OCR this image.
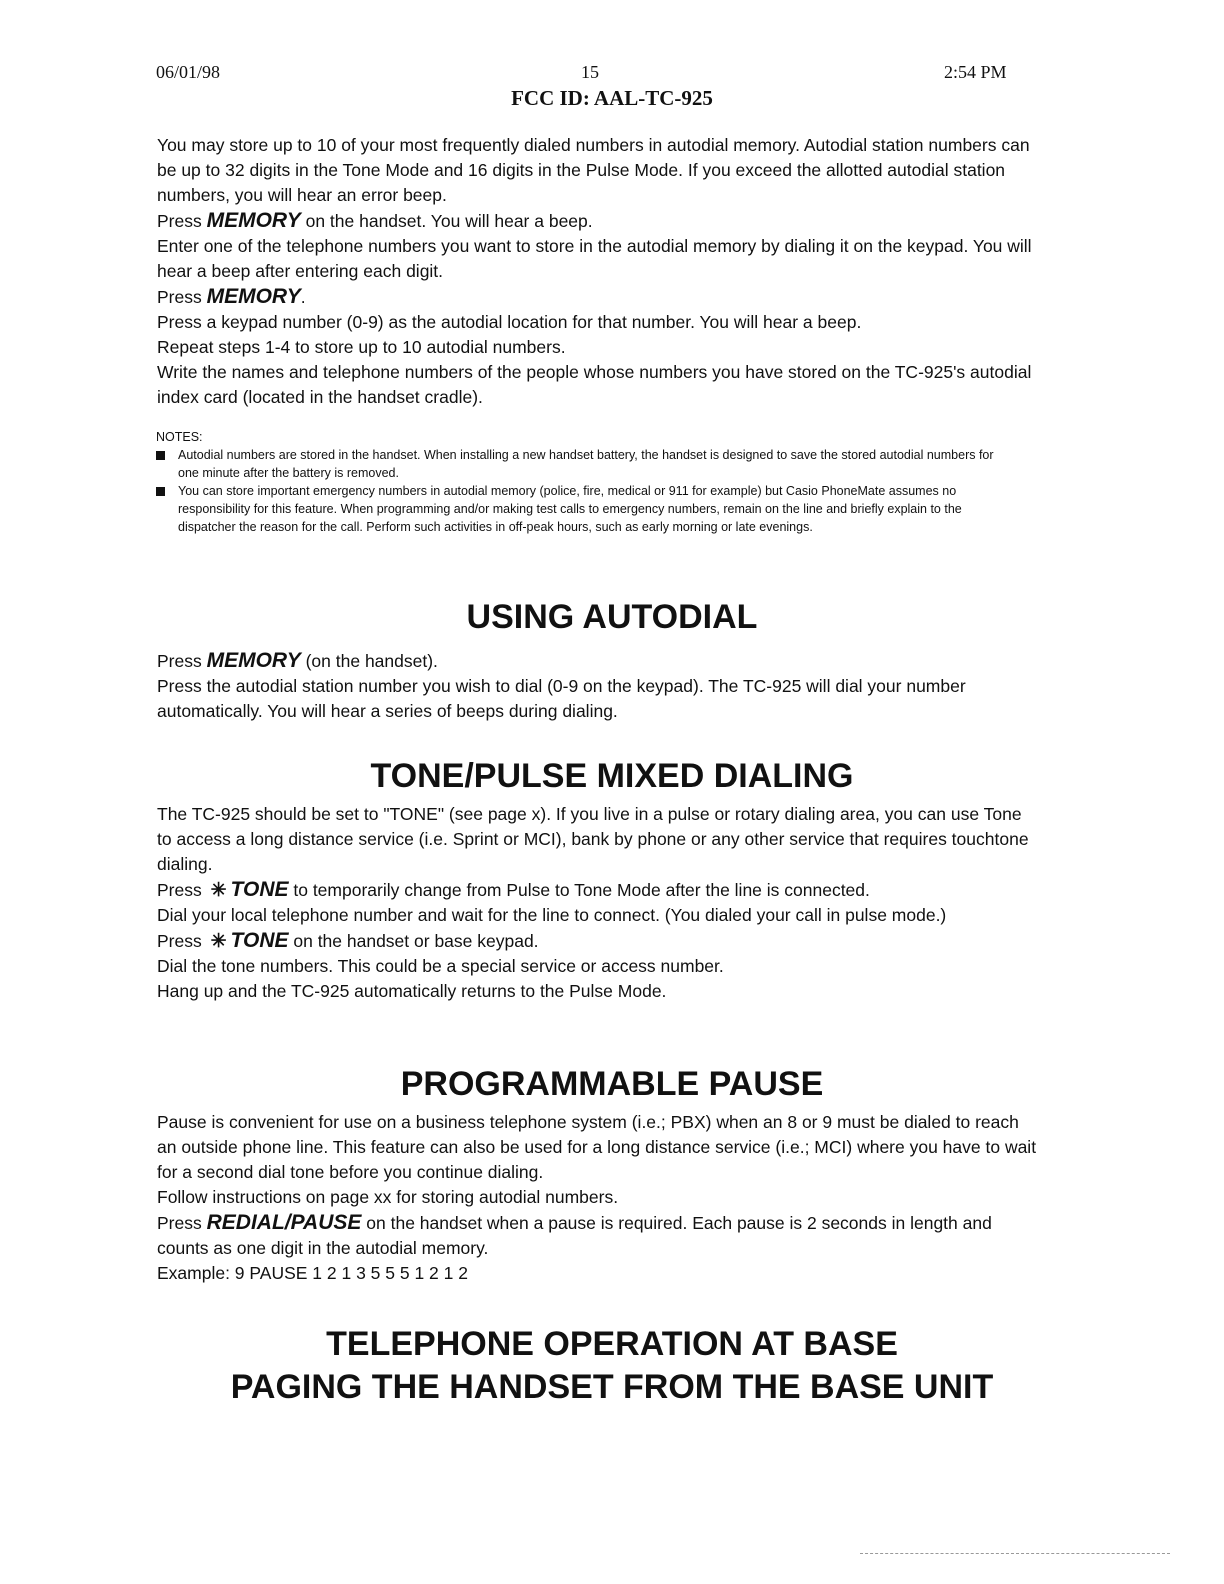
06/01/98	15	2:54 PM
FCC ID: AAL-TC-925

You may store up to 10 of your most frequently dialed numbers in autodial memory. Autodial station numbers can be up to 32 digits in the Tone Mode and 16 digits in the Pulse Mode. If you exceed the allotted autodial station numbers, you will hear an error beep.

Press MEMORY on the handset. You will hear a beep.

Enter one of the telephone numbers you want to store in the autodial memory by dialing it on the keypad. You will hear a beep after entering each digit.

Press MEMORY.

Press a keypad number (0-9) as the autodial location for that number. You will hear a beep.

Repeat steps 1-4 to store up to 10 autodial numbers.

Write the names and telephone numbers of the people whose numbers you have stored on the TC-925's autodial index card (located in the handset cradle).

NOTES:

Autodial numbers are stored in the handset. When installing a new handset battery, the handset is designed to save the stored autodial numbers for one minute after the battery is removed.

You can store important emergency numbers in autodial memory (police, fire, medical or 911 for example) but Casio PhoneMate assumes no responsibility for this feature. When programming and/or making test calls to emergency numbers, remain on the line and briefly explain to the dispatcher the reason for the call. Perform such activities in off-peak hours, such as early morning or late evenings.

USING AUTODIAL

Press MEMORY (on the handset).

Press the autodial station number you wish to dial (0-9 on the keypad). The TC-925 will dial your number automatically. You will hear a series of beeps during dialing.

TONE/PULSE MIXED DIALING

The TC-925 should be set to "TONE" (see page x). If you live in a pulse or rotary dialing area, you can use Tone to access a long distance service (i.e. Sprint or MCI), bank by phone or any other service that requires touchtone dialing.

Press ✳ TONE to temporarily change from Pulse to Tone Mode after the line is connected.

Dial your local telephone number and wait for the line to connect. (You dialed your call in pulse mode.)

Press ✳ TONE on the handset or base keypad.

Dial the tone numbers. This could be a special service or access number.

Hang up and the TC-925 automatically returns to the Pulse Mode.

PROGRAMMABLE PAUSE

Pause is convenient for use on a business telephone system (i.e.; PBX) when an 8 or 9 must be dialed to reach an outside phone line. This feature can also be used for a long distance service (i.e.; MCI) where you have to wait for a second dial tone before you continue dialing.

Follow instructions on page xx for storing autodial numbers.

Press REDIAL/PAUSE on the handset when a pause is required. Each pause is 2 seconds in length and counts as one digit in the autodial memory.

Example: 9 PAUSE 1 2 1 3 5 5 5 1 2 1 2

TELEPHONE OPERATION AT BASE
PAGING THE HANDSET FROM THE BASE UNIT
